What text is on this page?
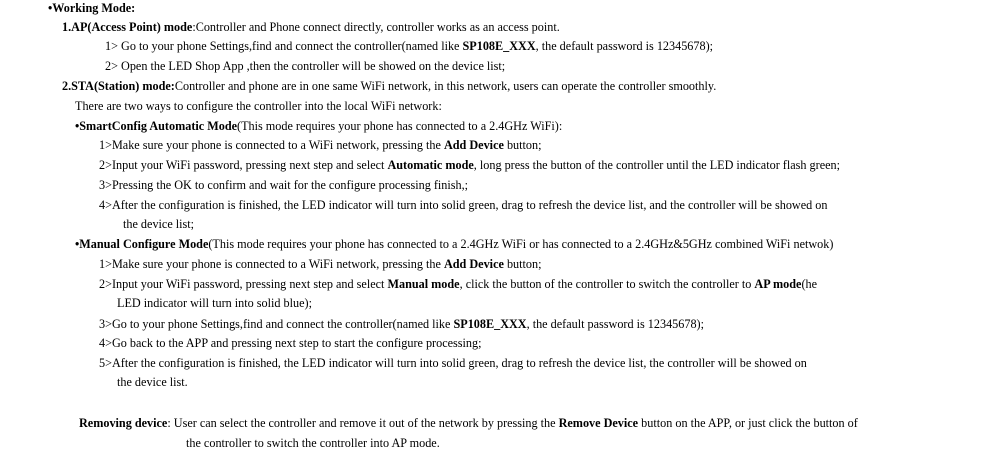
•Working Mode:
1.AP(Access Point) mode:Controller and Phone connect directly, controller works as an access point.
1> Go to your phone Settings,find and connect the controller(named like SP108E_XXX, the default password is 12345678);
2> Open the LED Shop App ,then the controller will be showed on the device list;
2.STA(Station) mode:Controller and phone are in one same WiFi network, in this network, users can operate the controller smoothly.
There are two ways to configure the controller into the local WiFi network:
•SmartConfig Automatic Mode(This mode requires your phone has connected to a 2.4GHz WiFi):
1>Make sure your phone is connected to a WiFi network, pressing the Add Device button;
2>Input your WiFi password, pressing next step and select Automatic mode, long press the button of the controller until the LED indicator flash green;
3>Pressing the OK to confirm and wait for the configure processing finish,;
4>After the configuration is finished, the LED indicator will turn into solid green, drag to refresh the device list, and the controller will be showed on
the device list;
•Manual Configure Mode(This mode requires your phone has connected to a 2.4GHz WiFi or has connected to a 2.4GHz&5GHz combined WiFi netwok)
1>Make sure your phone is connected to a WiFi network, pressing the Add Device button;
2>Input your WiFi password, pressing next step and select Manual mode, click the button of the controller to switch the controller to AP mode(he
LED indicator will turn into solid blue);
3>Go to your phone Settings,find and connect the controller(named like SP108E_XXX, the default password is 12345678);
4>Go back to the APP and pressing next step to start the configure processing;
5>After the configuration is finished, the LED indicator will turn into solid green, drag to refresh the device list, the controller will be showed on
the device list.
Removing device: User can select the controller and remove it out of the network by pressing the Remove Device button on the APP, or just click the button of
the controller to switch the controller into AP mode.
